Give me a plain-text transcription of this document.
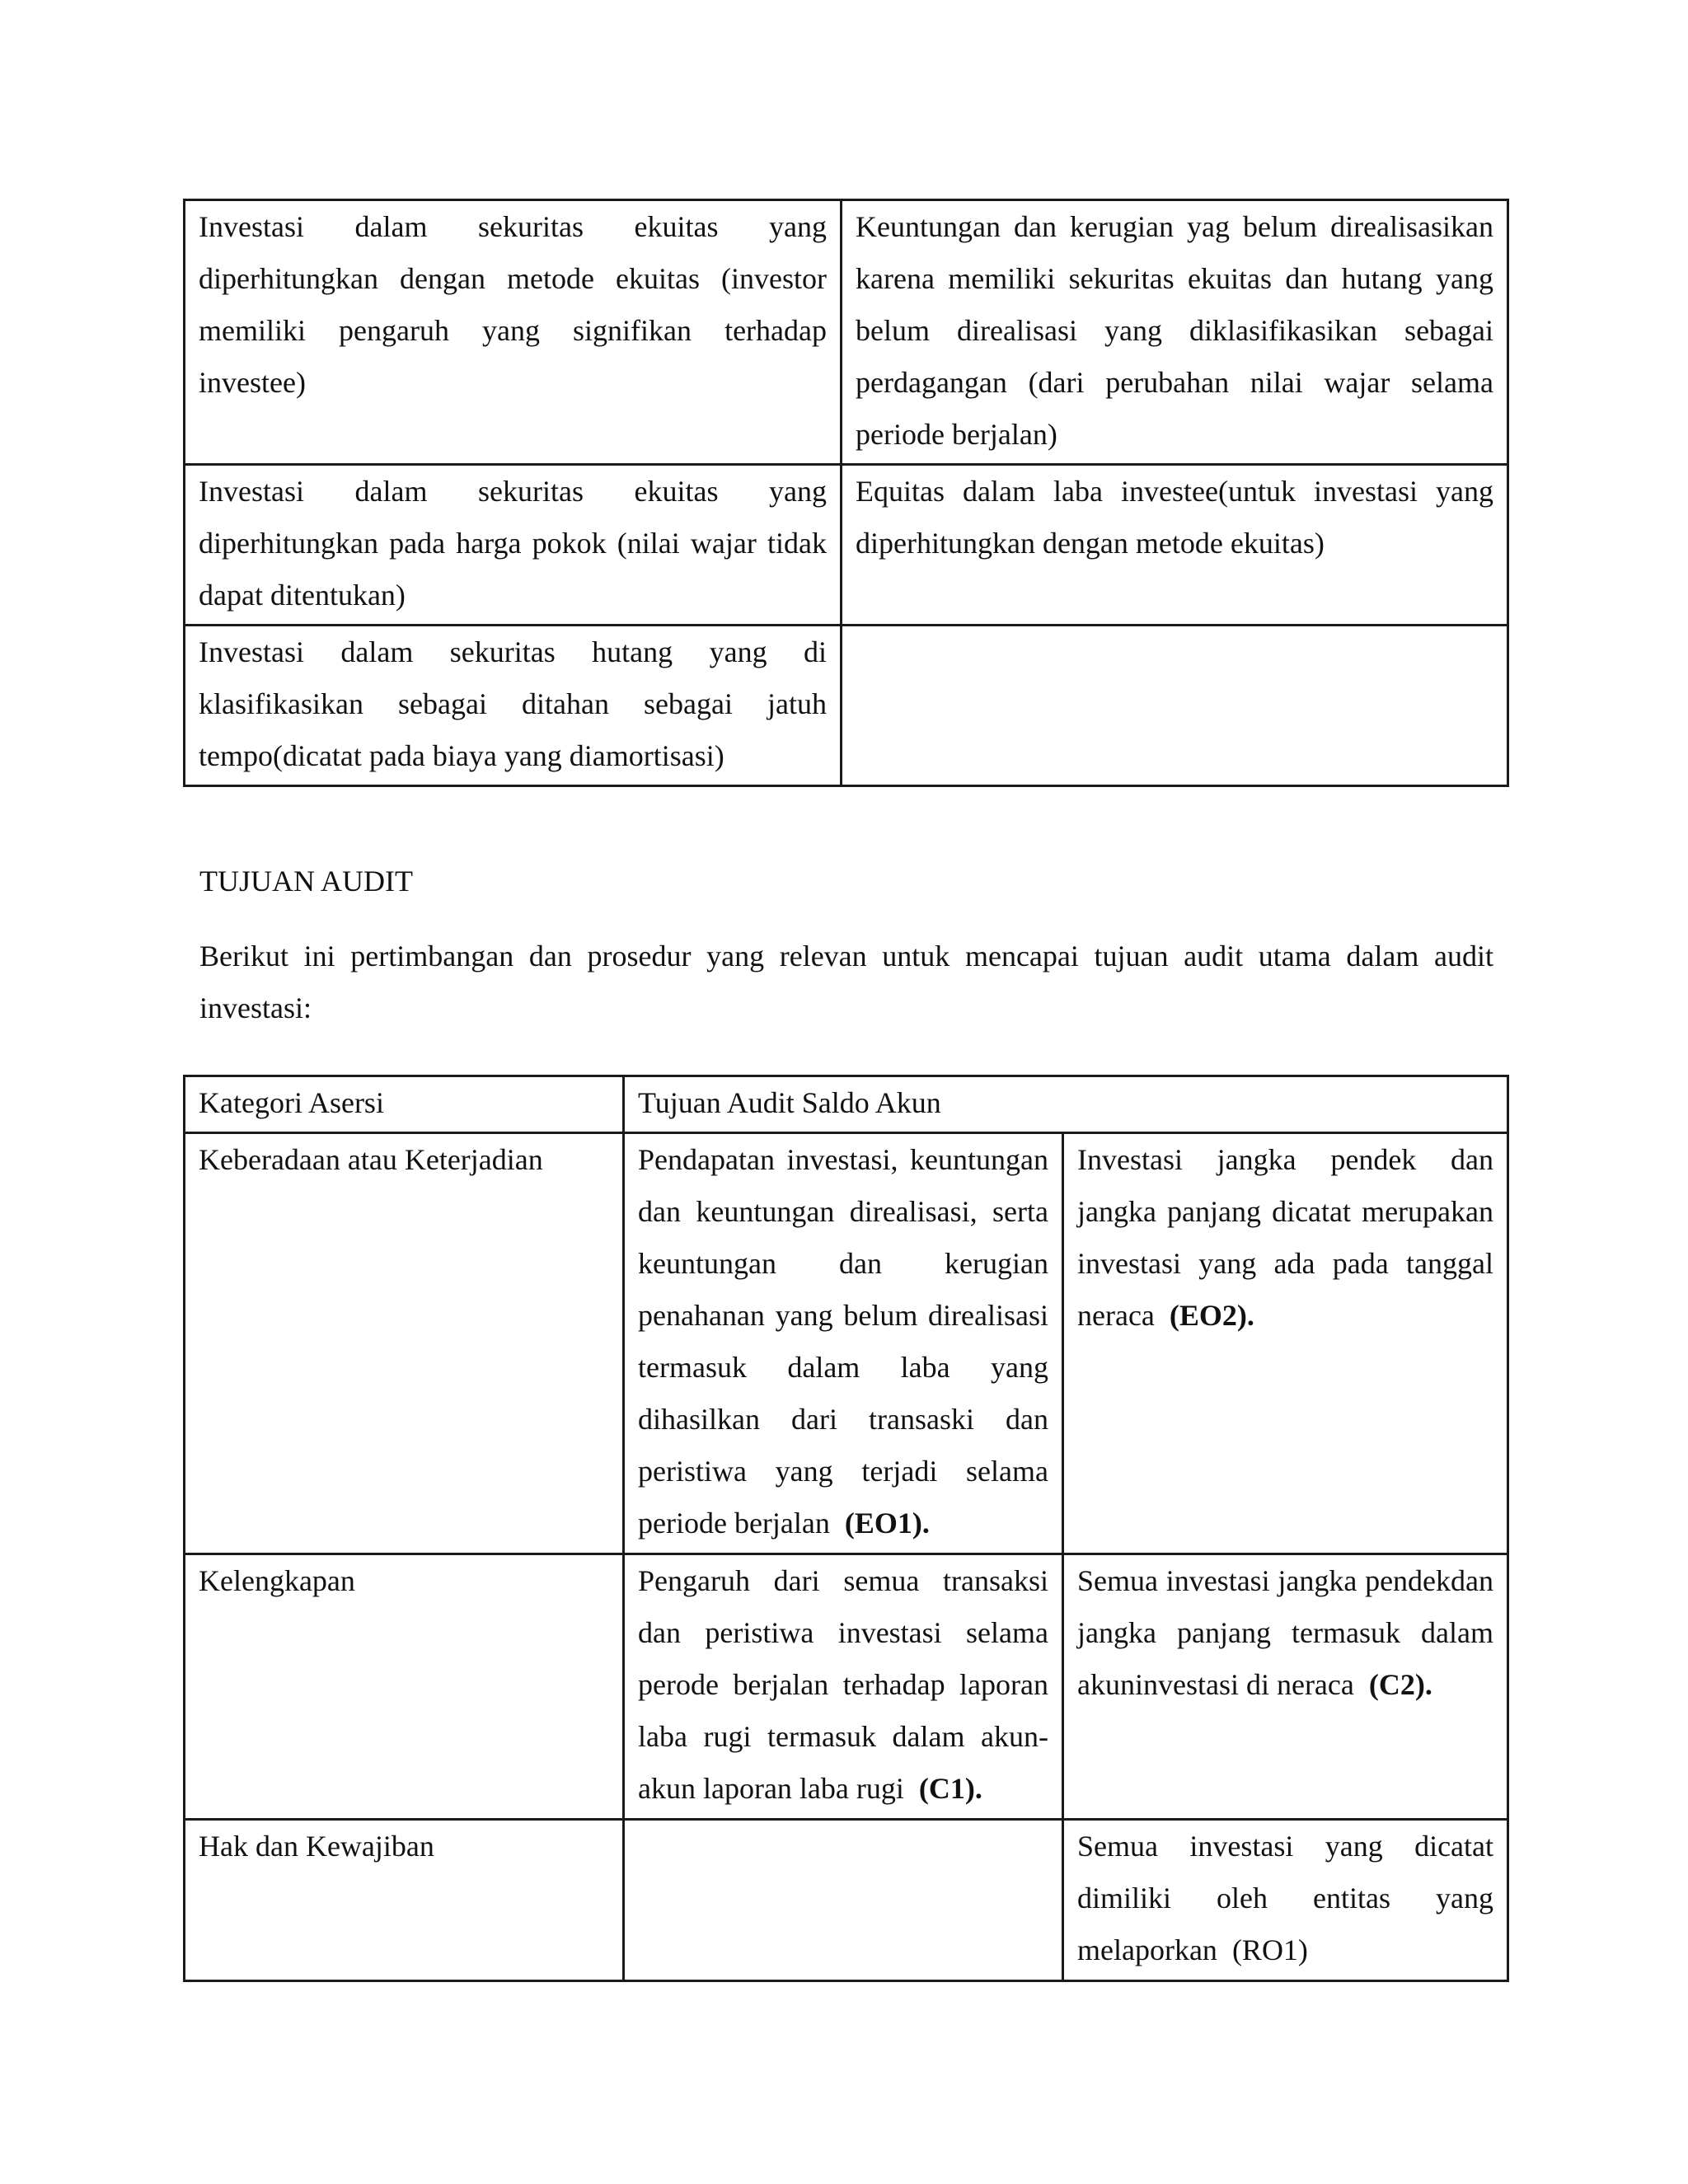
Investasi dalam sekuritas ekuitas yang diperhitungkan dengan metode ekuitas (investor memiliki pengaruh yang signifikan terhadap investee)	Keuntungan dan kerugian yag belum direalisasikan karena memiliki sekuritas ekuitas dan hutang yang belum direalisasi yang diklasifikasikan sebagai perdagangan (dari perubahan nilai wajar selama periode berjalan)
Investasi dalam sekuritas ekuitas yang diperhitungkan pada harga pokok (nilai wajar tidak dapat ditentukan)	Equitas dalam laba investee(untuk investasi yang diperhitungkan dengan metode ekuitas)
Investasi dalam sekuritas hutang yang di klasifikasikan sebagai ditahan sebagai jatuh tempo(dicatat pada biaya yang diamortisasi)	
TUJUAN AUDIT
Berikut ini pertimbangan dan prosedur yang relevan untuk mencapai tujuan audit utama dalam audit investasi:
Kategori Asersi	Tujuan Audit Saldo Akun	
Keberadaan atau Keterjadian	Pendapatan investasi, keuntungan dan keuntungan direalisasi, serta keuntungan dan kerugian penahanan yang belum direalisasi termasuk dalam laba yang dihasilkan dari transaski dan peristiwa yang terjadi selama periode berjalan (EO1).	Investasi jangka pendek dan jangka panjang dicatat merupakan investasi yang ada pada tanggal neraca (EO2).
Kelengkapan	Pengaruh dari semua transaksi dan peristiwa investasi selama perode berjalan terhadap laporan laba rugi termasuk dalam akun-akun laporan laba rugi (C1).	Semua investasi jangka pendekdan jangka panjang termasuk dalam akuninvestasi di neraca (C2).
Hak dan Kewajiban		Semua investasi yang dicatat dimiliki oleh entitas yang melaporkan (RO1)
